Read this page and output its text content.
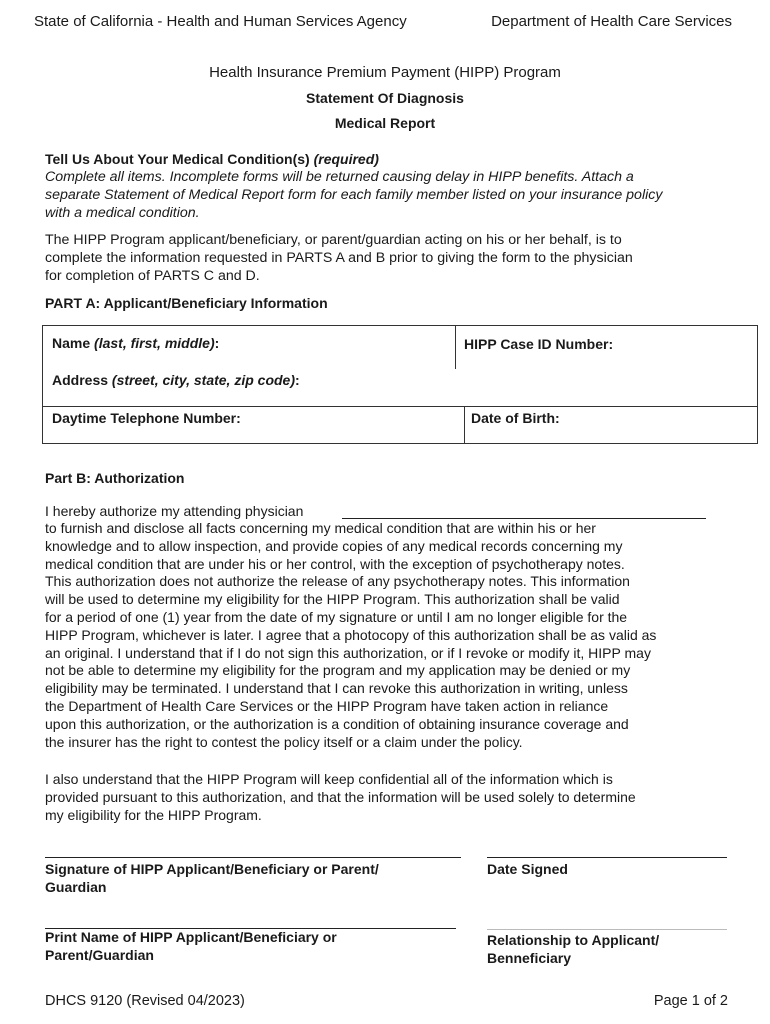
State of California - Health and Human Services Agency	Department of Health Care Services
Health Insurance Premium Payment (HIPP) Program
Statement Of Diagnosis
Medical Report
Tell Us About Your Medical Condition(s) (required)
Complete all items. Incomplete forms will be returned causing delay in HIPP benefits. Attach a
separate Statement of Medical Report form for each family member listed on your insurance policy
with a medical condition.
The HIPP Program applicant/beneficiary, or parent/guardian acting on his or her behalf, is to
complete the information requested in PARTS A and B prior to giving the form to the physician
for completion of PARTS C and D.
PART A: Applicant/Beneficiary Information
Name (last, first, middle):	HIPP Case ID Number:
Address (street, city, state, zip code):
Daytime Telephone Number:	Date of Birth:
Part B: Authorization
I hereby authorize my attending physician
to furnish and disclose all facts concerning my medical condition that are within his or her
knowledge and to allow inspection, and provide copies of any medical records concerning my
medical condition that are under his or her control, with the exception of psychotherapy notes.
This authorization does not authorize the release of any psychotherapy notes. This information
will be used to determine my eligibility for the HIPP Program. This authorization shall be valid
for a period of one (1) year from the date of my signature or until I am no longer eligible for the
HIPP Program, whichever is later. I agree that a photocopy of this authorization shall be as valid as
an original. I understand that if I do not sign this authorization, or if I revoke or modify it, HIPP may
not be able to determine my eligibility for the program and my application may be denied or my
eligibility may be terminated. I understand that I can revoke this authorization in writing, unless
the Department of Health Care Services or the HIPP Program have taken action in reliance
upon this authorization, or the authorization is a condition of obtaining insurance coverage and
the insurer has the right to contest the policy itself or a claim under the policy.
I also understand that the HIPP Program will keep confidential all of the information which is
provided pursuant to this authorization, and that the information will be used solely to determine
my eligibility for the HIPP Program.
Signature of HIPP Applicant/Beneficiary or Parent/
Guardian
Date Signed
Print Name of HIPP Applicant/Beneficiary or
Parent/Guardian
Relationship to Applicant/
Benneficiary
DHCS 9120 (Revised 04/2023)	Page 1 of 2
